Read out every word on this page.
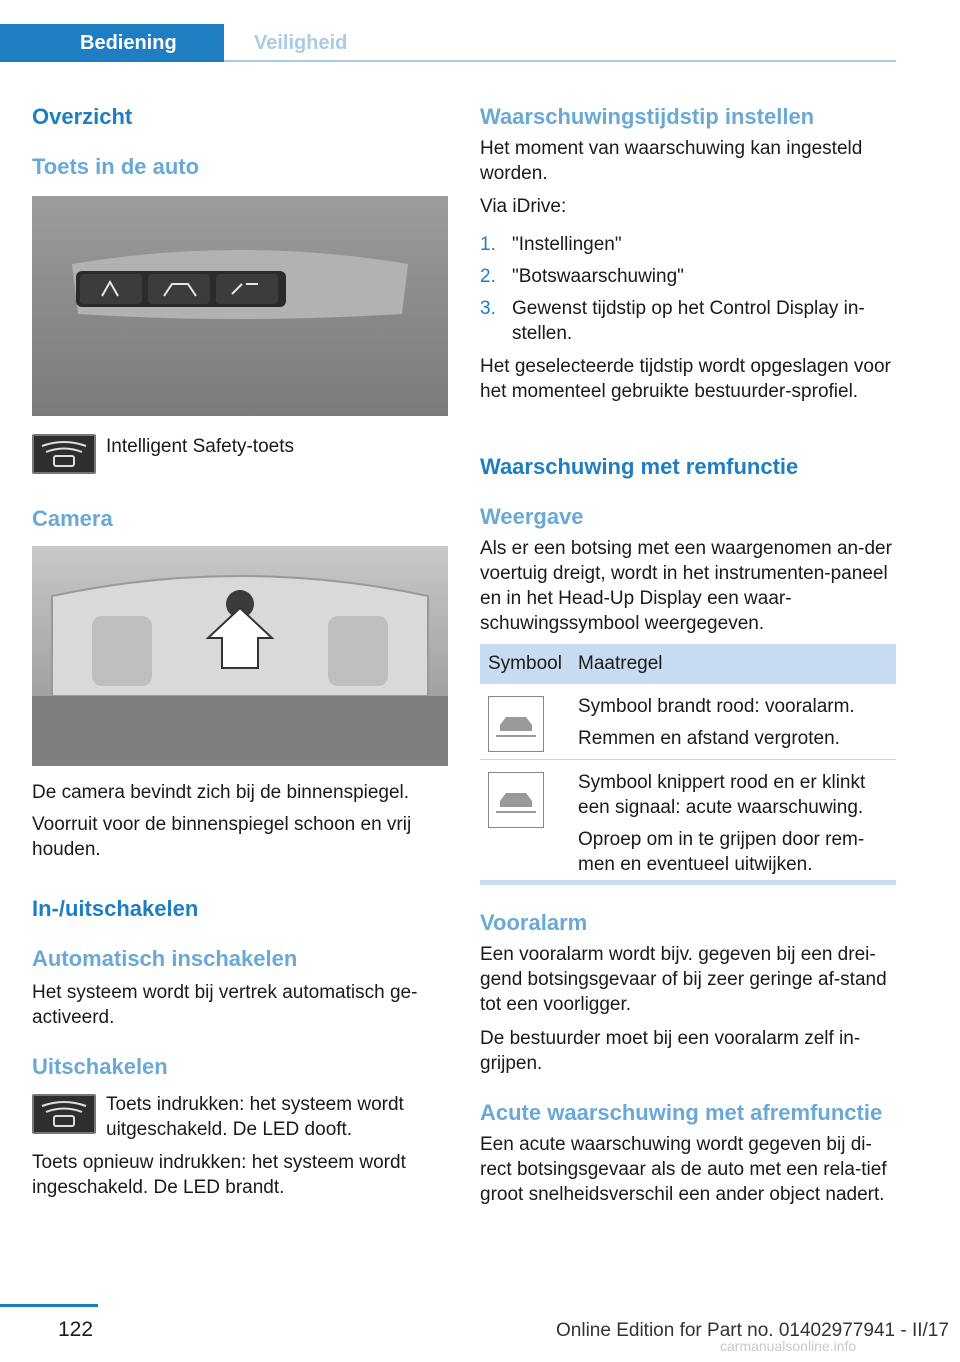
Bediening	Veiligheid
Overzicht
Toets in de auto
Intelligent Safety-toets
Camera
De camera bevindt zich bij de binnenspiegel.
Voorruit voor de binnenspiegel schoon en vrij houden.
In-/uitschakelen
Automatisch inschakelen
Het systeem wordt bij vertrek automatisch ge-activeerd.
Uitschakelen
Toets indrukken: het systeem wordt uitgeschakeld. De LED dooft.
Toets opnieuw indrukken: het systeem wordt ingeschakeld. De LED brandt.
Waarschuwingstijdstip instellen
Het moment van waarschuwing kan ingesteld worden.
Via iDrive:
1. "Instellingen"
2. "Botswaarschuwing"
3. Gewenst tijdstip op het Control Display in-stellen.
Het geselecteerde tijdstip wordt opgeslagen voor het momenteel gebruikte bestuurder-sprofiel.
Waarschuwing met remfunctie
Weergave
Als er een botsing met een waargenomen an-der voertuig dreigt, wordt in het instrumenten-paneel en in het Head-Up Display een waar-schuwingssymbool weergegeven.
Symbool Maatregel
Symbool brandt rood: vooralarm.
Remmen en afstand vergroten.
Symbool knippert rood en er klinkt een signaal: acute waarschuwing.
Oproep om in te grijpen door rem-men en eventueel uitwijken.
Vooralarm
Een vooralarm wordt bijv. gegeven bij een drei-gend botsingsgevaar of bij zeer geringe af-stand tot een voorligger.
De bestuurder moet bij een vooralarm zelf in-grijpen.
Acute waarschuwing met afremfunctie
Een acute waarschuwing wordt gegeven bij di-rect botsingsgevaar als de auto met een rela-tief groot snelheidsverschil een ander object nadert.
122	Online Edition for Part no. 01402977941 - II/17
carmanualsonline.info
